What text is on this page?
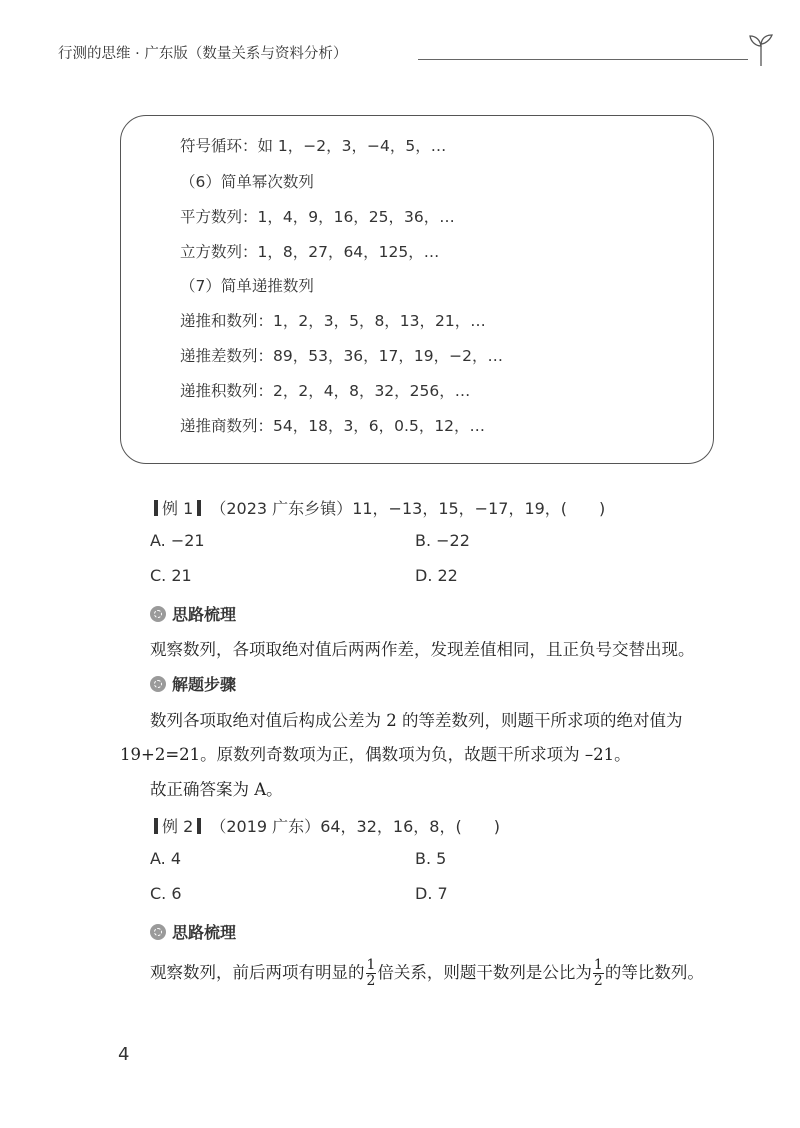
行测的思维 · 广东版（数量关系与资料分析）
符号循环：如 1，−2，3，−4，5，…
（6）简单幂次数列
平方数列：1，4，9，16，25，36，…
立方数列：1，8，27，64，125，…
（7）简单递推数列
递推和数列：1，2，3，5，8，13，21，…
递推差数列：89，53，36，17，19，−2，…
递推积数列：2，2，4，8，32，256，…
递推商数列：54，18，3，6，0.5，12，…
例 1 （2023 广东乡镇）11，−13，15，−17，19，(　　)
A. −21	B. −22
C. 21	D. 22
思路梳理
观察数列，各项取绝对值后两两作差，发现差值相同，且正负号交替出现。
解题步骤
数列各项取绝对值后构成公差为 2 的等差数列，则题干所求项的绝对值为
19+2=21。原数列奇数项为正，偶数项为负，故题干所求项为 –21。
故正确答案为 A。
例 2 （2019 广东）64，32，16，8，(　　)
A. 4	B. 5
C. 6	D. 7
思路梳理
观察数列，前后两项有明显的 $\frac{1}{2}$ 倍关系，则题干数列是公比为 $\frac{1}{2}$ 的等比数列。
4
